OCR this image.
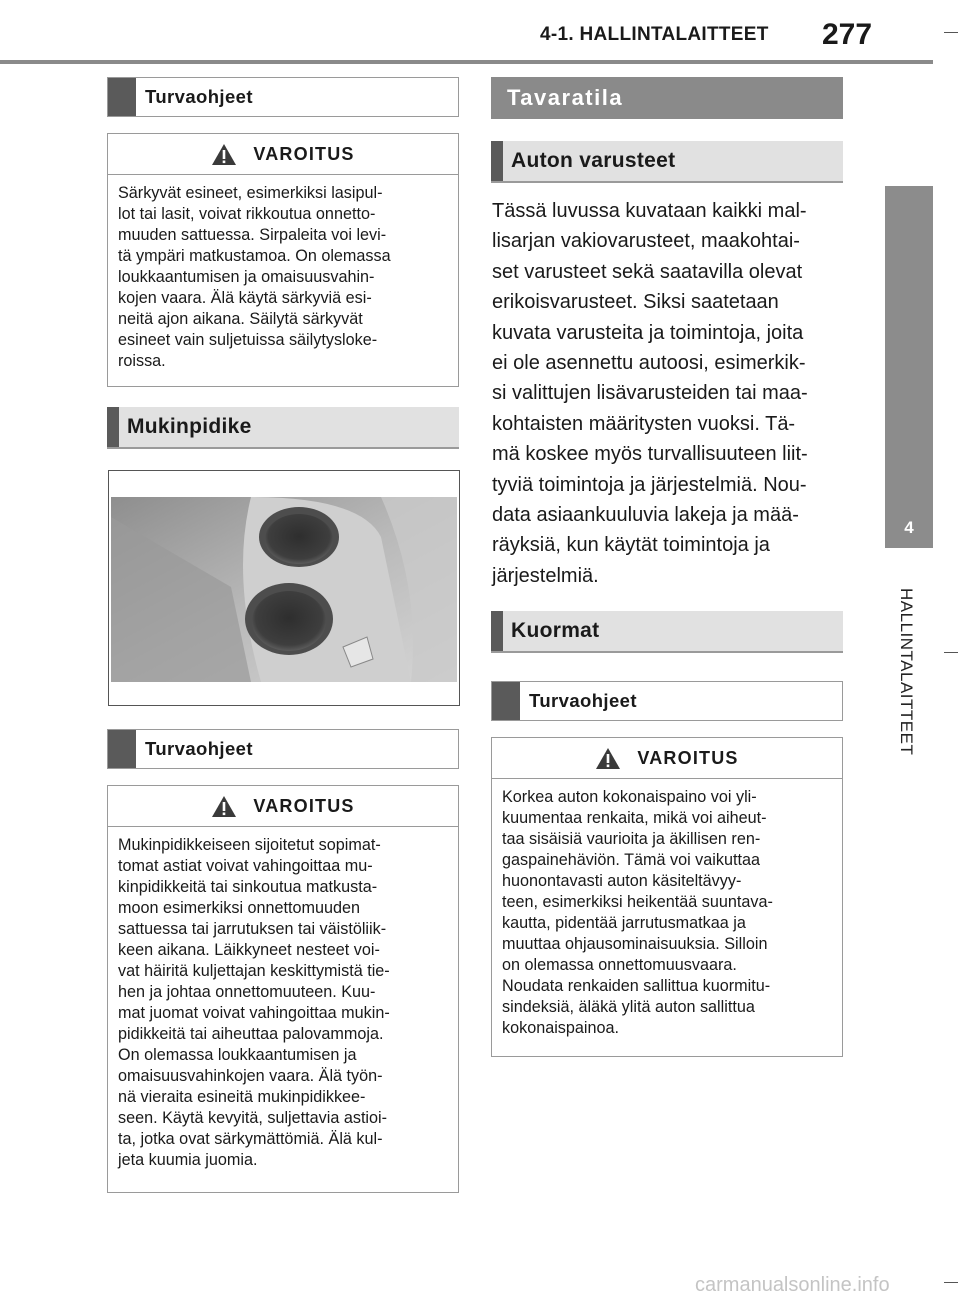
4-1. HALLINTALAITTEET 277
4
HALLINTALAITTEET
Turvaohjeet
VAROITUS
Särkyvät esineet, esimerkiksi lasipul-
lot tai lasit, voivat rikkoutua onnetto-
muuden sattuessa. Sirpaleita voi levi-
tä ympäri matkustamoa. On olemassa
loukkaantumisen ja omaisuusvahin-
kojen vaara. Älä käytä särkyviä esi-
neitä ajon aikana. Säilytä särkyvät
esineet vain suljetuissa säilytysloke-
roissa.
Mukinpidike
Turvaohjeet
VAROITUS
Mukinpidikkeiseen sijoitetut sopimat-
tomat astiat voivat vahingoittaa mu-
kinpidikkeitä tai sinkoutua matkusta-
moon esimerkiksi onnettomuuden
sattuessa tai jarrutuksen tai väistöliik-
keen aikana. Läikkyneet nesteet voi-
vat häiritä kuljettajan keskittymistä tie-
hen ja johtaa onnettomuuteen. Kuu-
mat juomat voivat vahingoittaa mukin-
pidikkeitä tai aiheuttaa palovammoja.
On olemassa loukkaantumisen ja
omaisuusvahinkojen vaara. Älä työn-
nä vieraita esineitä mukinpidikkee-
seen. Käytä kevyitä, suljettavia astioi-
ta, jotka ovat särkymättömiä. Älä kul-
jeta kuumia juomia.
Tavaratila
Auton varusteet
Tässä luvussa kuvataan kaikki mal-
lisarjan vakiovarusteet, maakohtai-
set varusteet sekä saatavilla olevat
erikoisvarusteet. Siksi saatetaan
kuvata varusteita ja toimintoja, joita
ei ole asennettu autoosi, esimerkik-
si valittujen lisävarusteiden tai maa-
kohtaisten määritysten vuoksi. Tä-
mä koskee myös turvallisuuteen liit-
tyviä toimintoja ja järjestelmiä. Nou-
data asiaankuuluvia lakeja ja mää-
räyksiä, kun käytät toimintoja ja
järjestelmiä.
Kuormat
Turvaohjeet
VAROITUS
Korkea auton kokonaispaino voi yli-
kuumentaa renkaita, mikä voi aiheut-
taa sisäisiä vaurioita ja äkillisen ren-
gaspainehäviön. Tämä voi vaikuttaa
huonontavasti auton käsiteltävyy-
teen, esimerkiksi heikentää suuntava-
kautta, pidentää jarrutusmatkaa ja
muuttaa ohjausominaisuuksia. Silloin
on olemassa onnettomuusvaara.
Noudata renkaiden sallittua kuormitu-
sindeksiä, äläkä ylitä auton sallittua
kokonaispainoa.
carmanualsonline.info
